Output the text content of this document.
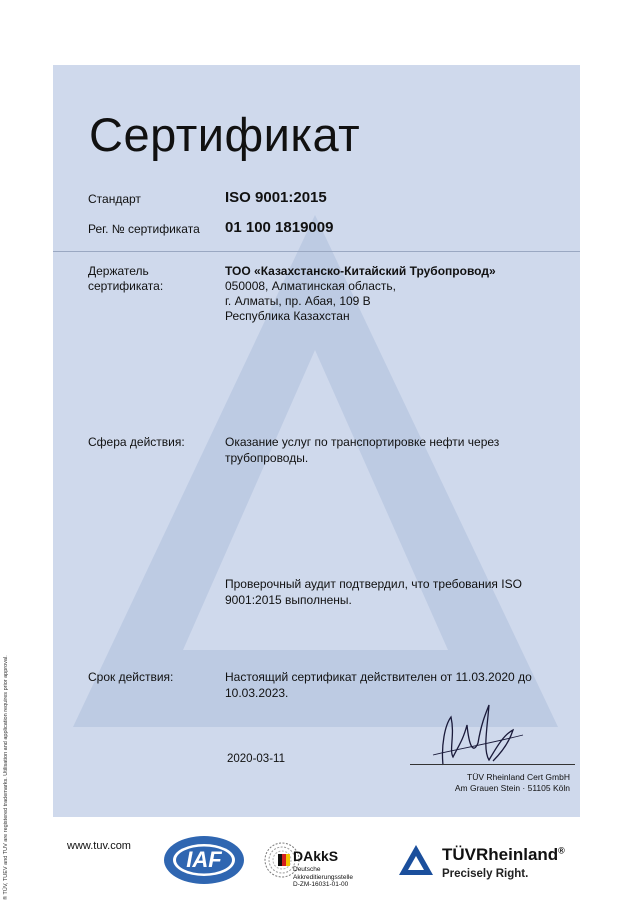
® TÜV, TUEV and TUV are registered trademarks. Utilisation and application requires prior approval.
Сертификат
Стандарт	ISO 9001:2015
Рег. № сертификата 01 100 1819009
Держатель
сертификата:
ТОО «Казахстанско-Китайский Трубопровод»
050008, Алматинская область,
г. Алматы, пр. Абая, 109 В
Республика Казахстан
Сфера действия:	Оказание услуг по транспортировке нефти через
трубопроводы.
Проверочный аудит подтвердил, что требования ISO
9001:2015 выполнены.
Срок действия:	Настоящий сертификат действителен от 11.03.2020 до
10.03.2023.
2020-03-11
TÜV Rheinland Cert GmbH
Am Grauen Stein · 51105 Köln
www.tuv.com
IAF	DAkkS
Deutsche
Akkreditierungsstelle
D-ZM-16031-01-00
TÜVRheinland®
Precisely Right.
